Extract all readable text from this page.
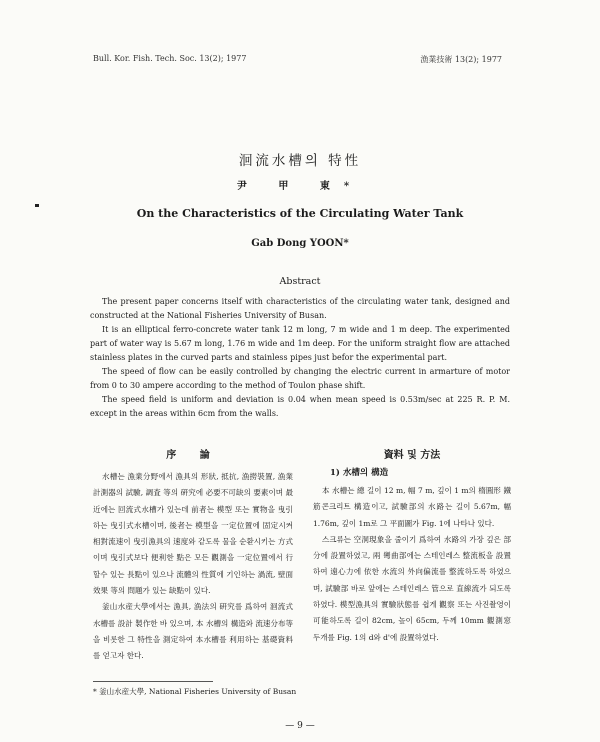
Bull. Kor. Fish. Tech. Soc. 13(2); 1977	漁業技術 13(2); 1977
洄流水槽의 特性
尹 甲 東*
On the Characteristics of the Circulating Water Tank
Gab Dong YOON*
Abstract

The present paper concerns itself with characteristics of the circulating water tank, designed and constructed at the National Fisheries University of Busan.

It is an elliptical ferro-concrete water tank 12 m long, 7 m wide and 1 m deep. The experimented part of water way is 5.67 m long, 1.76 m wide and 1m deep. For the uniform straight flow are attached stainless plates in the curved parts and stainless pipes just befor the experimental part.

The speed of flow can be easily controlled by changing the electric current in armarture of motor from 0 to 30 ampere according to the method of Toulon phase shift.

The speed field is uniform and deviation is 0.04 when mean speed is 0.53m/sec at 225 R. P. M. except in the areas within 6cm from the walls.

序 論

水槽는 漁業分野에서 漁具의 形狀, 抵抗, 漁撈裝置, 漁業計測器의 試驗, 調査 等의 硏究에 必要不可缺의 要素이며 最近에는 回流式水槽가 있는데 前者는 模型 또는 實物을 曳引하는 曳引式水槽이며, 後者는 模型을 一定位置에 固定시켜 相對流速이 曳引漁具의 速度와 같도록 물을 순환시키는 方式이며 曳引式보다 便利한 點은 모든 觀測을 一定位置에서 行할수 있는 長點이 있으나 流體의 性質에 기인하는 渦流, 壁面效果 等의 問題가 있는 缺點이 있다.

釜山水産大學에서는 漁具, 漁法의 硏究를 爲하여 洄流式水槽를 設計 製作한 바 있으며, 本 水槽의 構造와 流速分布等을 비롯한 그 特性을 測定하여 本水槽를 利用하는 基礎資料를 얻고자 한다.

資料 및 方法
1) 水槽의 構造

本 水槽는 總 길이 12 m, 幅 7 m, 깊이 1 m의 楕圓形 鐵筋콘크리트 構造이고, 試驗部의 水路는 길이 5.67m, 幅 1.76m, 깊이 1m로 그 平面圖가 Fig. 1에 나타나 있다.

스크류는 空洞現象을 줄이기 爲하여 水路의 가장 깊은 部分에 設置하였고, 兩 彎曲部에는 스테인레스 整流板을 設置하여 遠心力에 依한 水流의 外向偏流를 整流하도록 하였으며, 試驗部 바로 앞에는 스테인레스 管으로 直線流가 되도록 하였다. 模型漁具의 實驗狀態를 쉽게 觀察 또는 사진촬영이 可能하도록 길이 82cm, 높이 65cm, 두께 10mm 觀測窓 두개를 Fig. 1의 d와 d'에 設置하였다.

* 釜山水産大學, National Fisheries University of Busan
— 9 —
